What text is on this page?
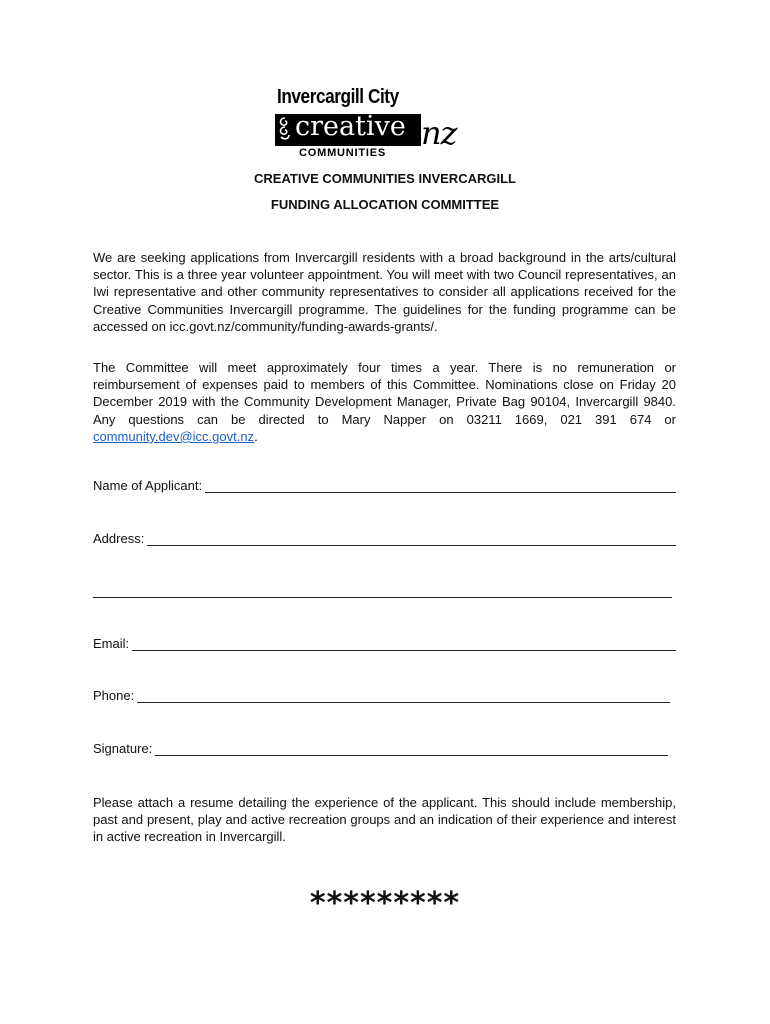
Invercargill City
creative nz
COMMUNITIES
CREATIVE COMMUNITIES INVERCARGILL
FUNDING ALLOCATION COMMITTEE

We are seeking applications from Invercargill residents with a broad background in the arts/cultural sector. This is a three year volunteer appointment. You will meet with two Council representatives, an Iwi representative and other community representatives to consider all applications received for the Creative Communities Invercargill programme. The guidelines for the funding programme can be accessed on icc.govt.nz/community/funding-awards-grants/.

The Committee will meet approximately four times a year. There is no remuneration or reimbursement of expenses paid to members of this Committee. Nominations close on Friday 20 December 2019 with the Community Development Manager, Private Bag 90104, Invercargill 9840. Any questions can be directed to Mary Napper on 03211 1669, 021 391 674 or community.dev@icc.govt.nz.

Name of Applicant:
Address:
Email:
Phone:
Signature:

Please attach a resume detailing the experience of the applicant. This should include membership, past and present, play and active recreation groups and an indication of their experience and interest in active recreation in Invercargill.

*********
